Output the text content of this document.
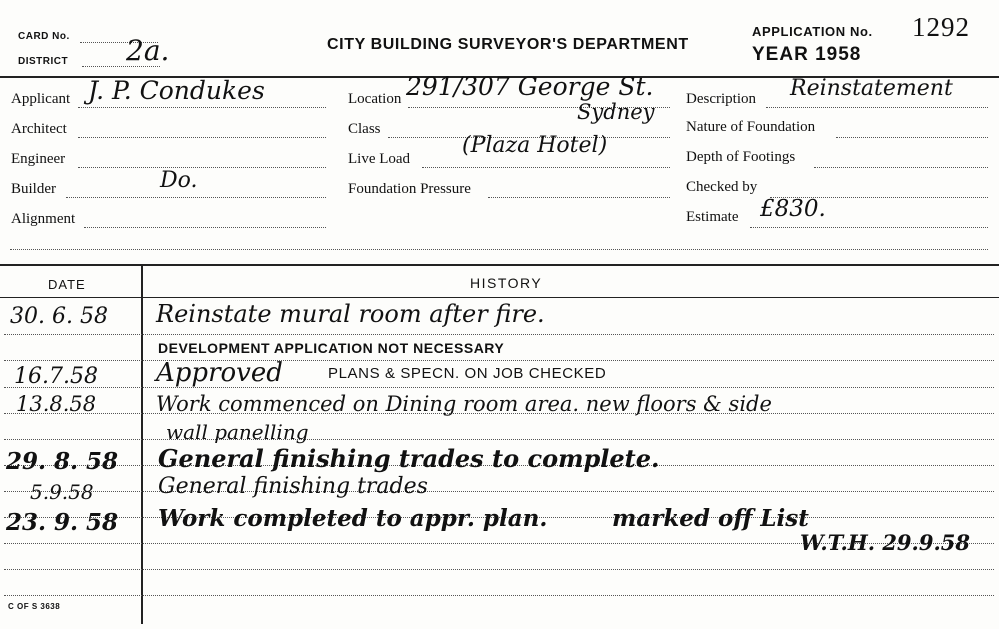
CARD No.
DISTRICT 2a.	CITY BUILDING SURVEYOR'S DEPARTMENT
APPLICATION No. 1292
YEAR 1958
Applicant J. P. Condukes
Architect
Engineer
Builder	Do.
Alignment
Location 291/307 George St.
Sydney
Class
Live Load
(Plaza Hotel)
Foundation Pressure
Description Reinstatement
Nature of Foundation
Depth of Footings
Checked by
Estimate £830.
DATE	HISTORY
30. 6. 58 Reinstate mural room after fire.
DEVELOPMENT APPLICATION NOT NECESSARY
16.7.58 Approved	PLANS & SPECN. ON JOB CHECKED
13.8.58	Work commenced on Dining room area. new floors & side
wall panelling
29. 8. 58 General finishing trades to complete.
5.9.58	General finishing trades
23. 9. 58 Work completed to appr. plan.	marked off List
W.T.H. 29.9.58
C OF S 3638
